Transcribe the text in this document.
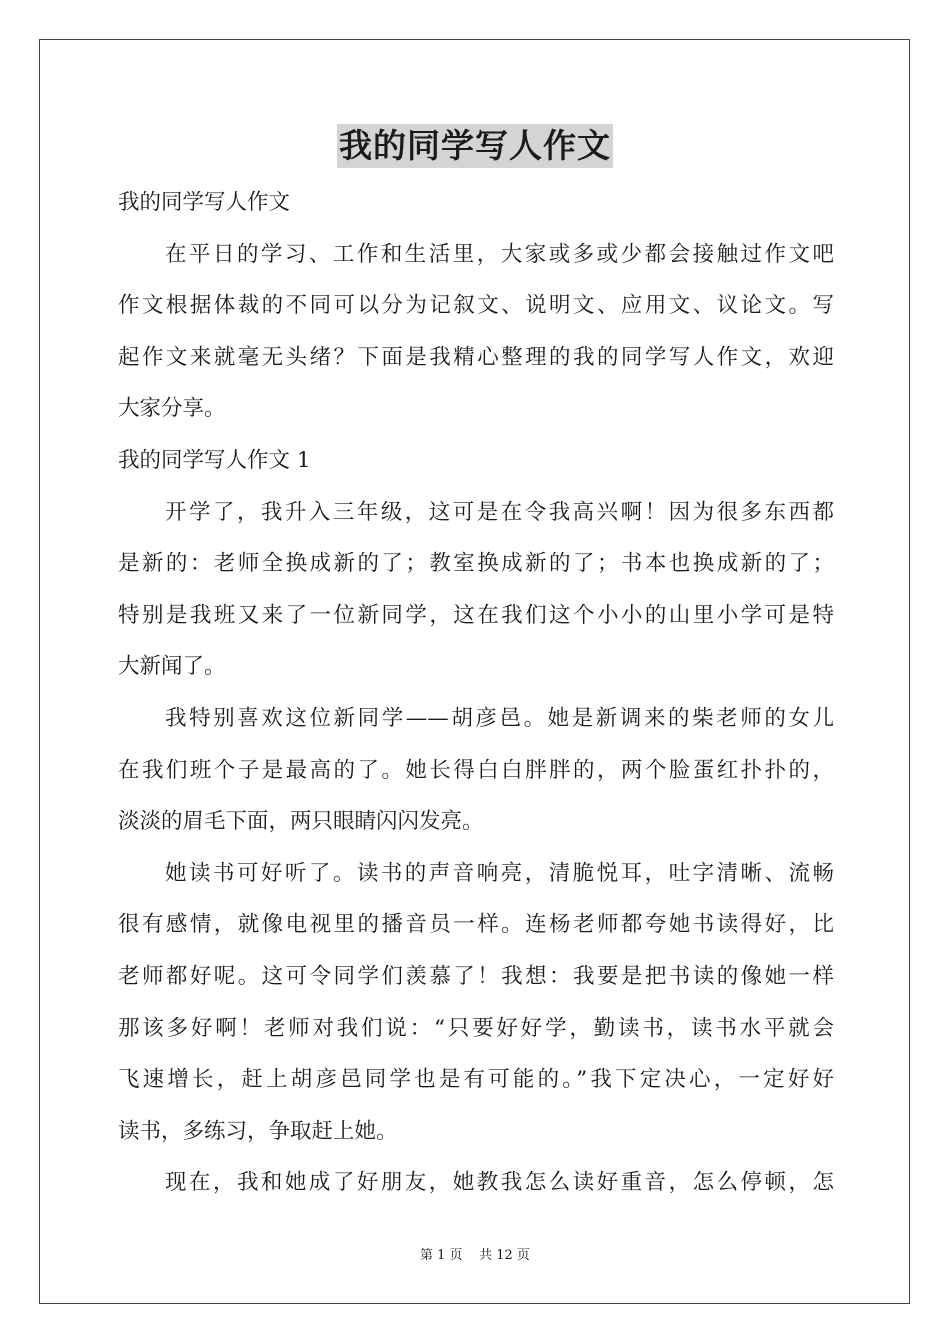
我的同学写人作文
我的同学写人作文
在平日的学习、工作和生活里，大家或多或少都会接触过作文吧
作文根据体裁的不同可以分为记叙文、说明文、应用文、议论文。写
起作文来就毫无头绪？下面是我精心整理的我的同学写人作文，欢迎
大家分享。
我的同学写人作文 1
开学了，我升入三年级，这可是在令我高兴啊！因为很多东西都
是新的：老师全换成新的了；教室换成新的了；书本也换成新的了；
特别是我班又来了一位新同学，这在我们这个小小的山里小学可是特
大新闻了。
我特别喜欢这位新同学——胡彦邑。她是新调来的柴老师的女儿
在我们班个子是最高的了。她长得白白胖胖的，两个脸蛋红扑扑的，
淡淡的眉毛下面，两只眼睛闪闪发亮。
她读书可好听了。读书的声音响亮，清脆悦耳，吐字清晰、流畅
很有感情，就像电视里的播音员一样。连杨老师都夸她书读得好，比
老师都好呢。这可令同学们羡慕了！我想：我要是把书读的像她一样
那该多好啊！老师对我们说：“只要好好学，勤读书，读书水平就会
飞速增长，赶上胡彦邑同学也是有可能的。”我下定决心，一定好好
读书，多练习，争取赶上她。
现在，我和她成了好朋友，她教我怎么读好重音，怎么停顿，怎
第 1 页 共 12 页
